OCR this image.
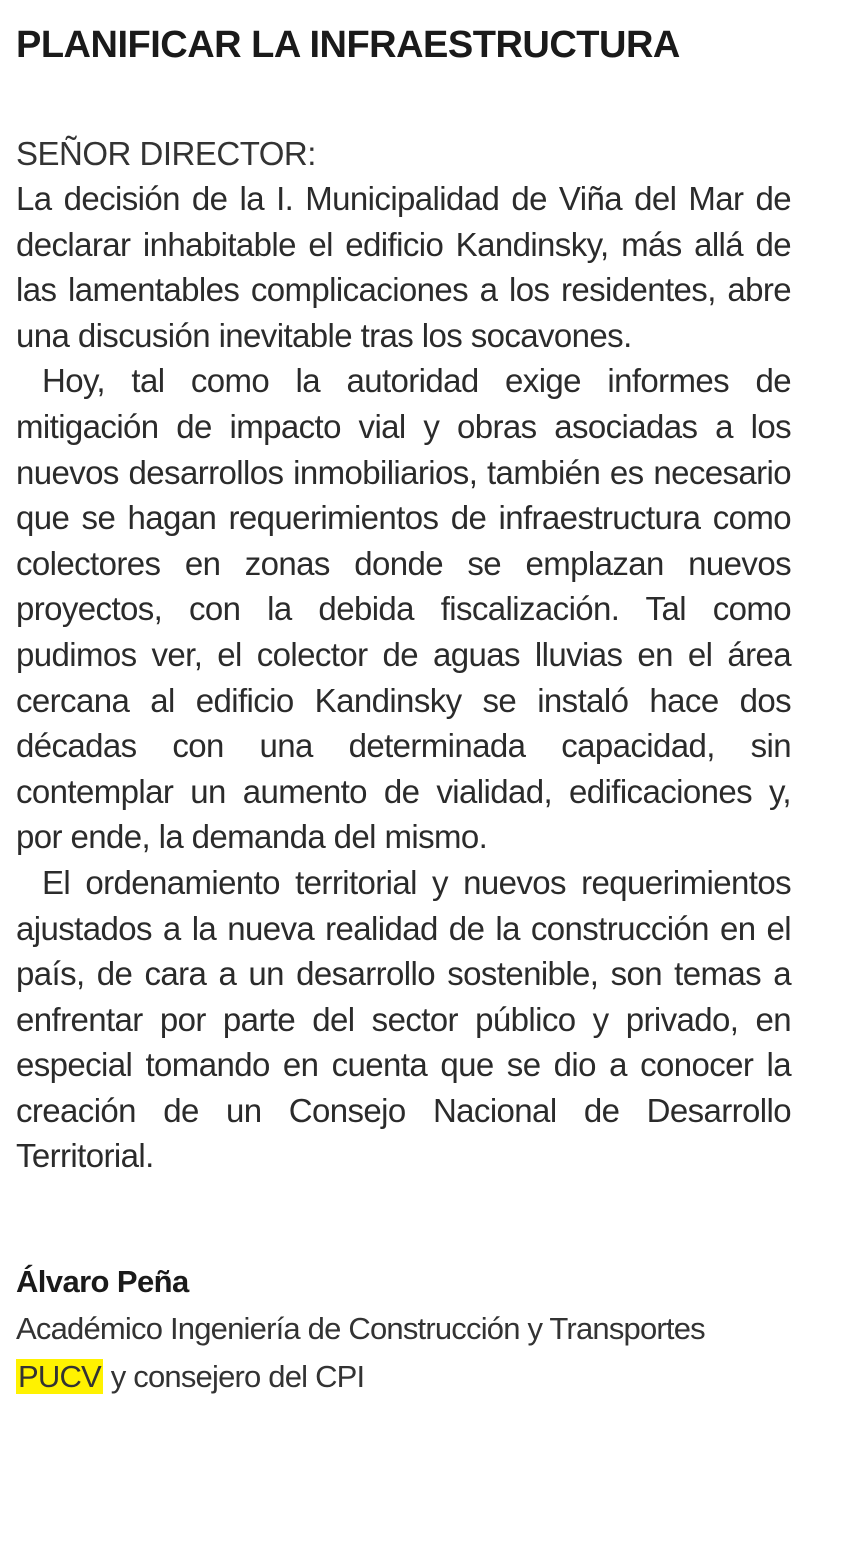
PLANIFICAR LA INFRAESTRUCTURA

SEÑOR DIRECTOR:

La decisión de la I. Municipalidad de Viña del Mar de declarar inhabitable el edificio Kandinsky, más allá de las lamentables complicaciones a los residentes, abre una discusión inevitable tras los socavones.

Hoy, tal como la autoridad exige informes de mitigación de impacto vial y obras asociadas a los nuevos desarrollos inmobiliarios, también es necesario que se hagan requerimientos de infraestructura como colectores en zonas donde se emplazan nuevos proyectos, con la debida fiscalización. Tal como pudimos ver, el colector de aguas lluvias en el área cercana al edificio Kandinsky se instaló hace dos décadas con una determinada capacidad, sin contemplar un aumento de vialidad, edificaciones y, por ende, la demanda del mismo.

El ordenamiento territorial y nuevos requerimientos ajustados a la nueva realidad de la construcción en el país, de cara a un desarrollo sostenible, son temas a enfrentar por parte del sector público y privado, en especial tomando en cuenta que se dio a conocer la creación de un Consejo Nacional de Desarrollo Territorial.

Álvaro Peña

Académico Ingeniería de Construcción y Transportes

PUCV y consejero del CPI
